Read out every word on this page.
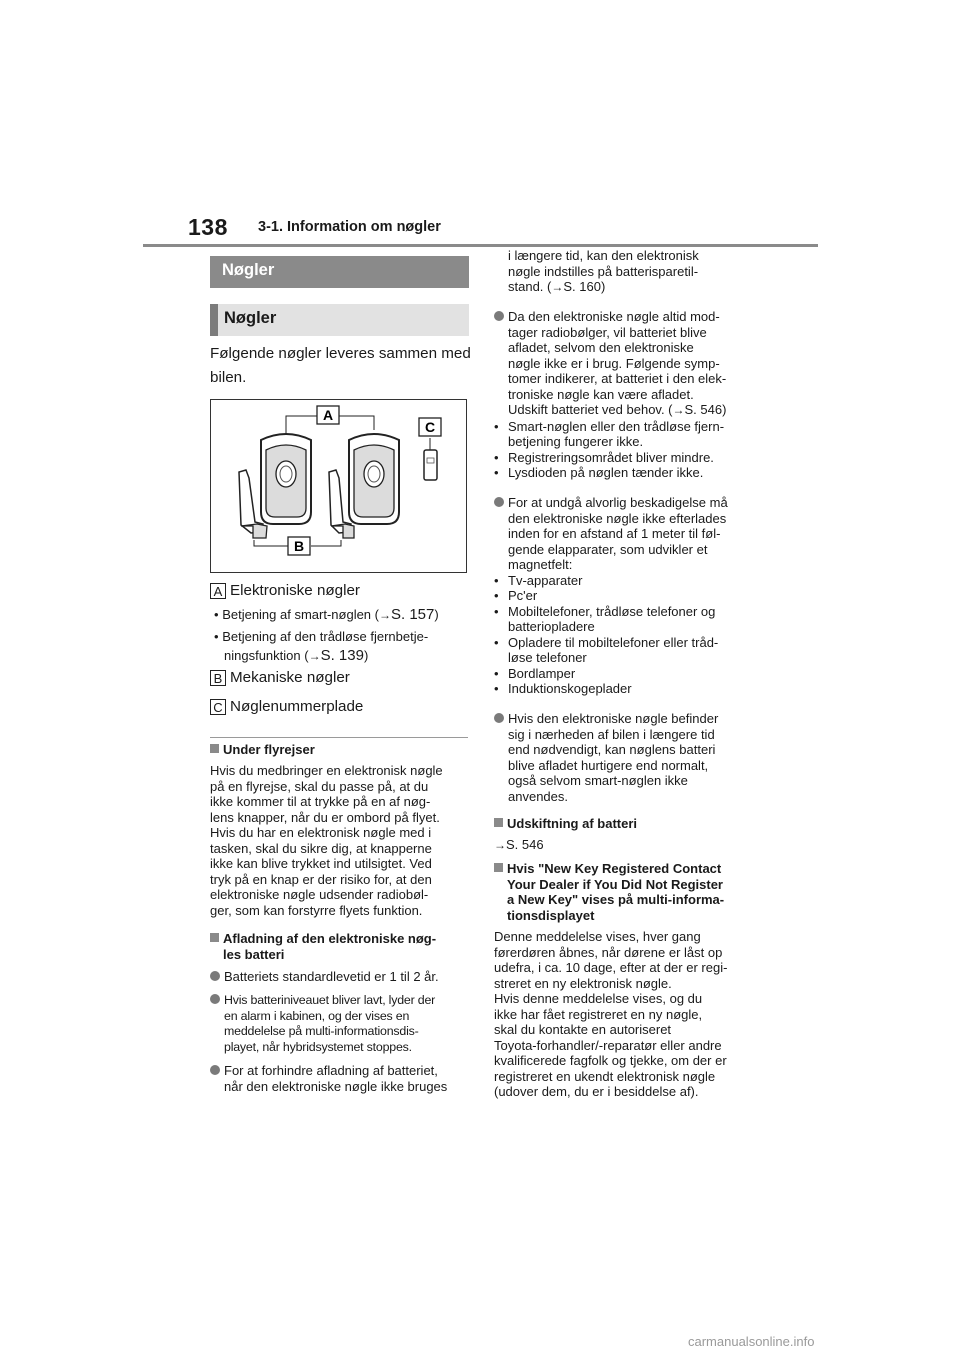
138 3-1. Information om nøgler
Nøgler
Nøgler
Følgende nøgler leveres sammen med bilen.
A
C
B
A Elektroniske nøgler
• Betjening af smart-nøglen (→S. 157)
• Betjening af den trådløse fjernbetje-
ningsfunktion (→S. 139)
B Mekaniske nøgler
C Nøglenummerplade
Under flyrejser
Hvis du medbringer en elektronisk nøgle
på en flyrejse, skal du passe på, at du
ikke kommer til at trykke på en af nøg-
lens knapper, når du er ombord på flyet.
Hvis du har en elektronisk nøgle med i
tasken, skal du sikre dig, at knapperne
ikke kan blive trykket ind utilsigtet. Ved
tryk på en knap er der risiko for, at den
elektroniske nøgle udsender radiobøl-
ger, som kan forstyrre flyets funktion.
Afladning af den elektroniske nøg-
les batteri
Batteriets standardlevetid er 1 til 2 år.
Hvis batteriniveauet bliver lavt, lyder der
en alarm i kabinen, og der vises en
meddelelse på multi-informationsdis-
playet, når hybridsystemet stoppes.
For at forhindre afladning af batteriet,
når den elektroniske nøgle ikke bruges
i længere tid, kan den elektronisk
nøgle indstilles på batterisparetil-
stand. (→S. 160)
Da den elektroniske nøgle altid mod-
tager radiobølger, vil batteriet blive
afladet, selvom den elektroniske
nøgle ikke er i brug. Følgende symp-
tomer indikerer, at batteriet i den elek-
troniske nøgle kan være afladet.
Udskift batteriet ved behov. (→S. 546)
• Smart-nøglen eller den trådløse fjern-
betjening fungerer ikke.
• Registreringsområdet bliver mindre.
• Lysdioden på nøglen tænder ikke.
For at undgå alvorlig beskadigelse må
den elektroniske nøgle ikke efterlades
inden for en afstand af 1 meter til føl-
gende elapparater, som udvikler et
magnetfelt:
• Tv-apparater
• Pc'er
• Mobiltelefoner, trådløse telefoner og
batteriopladere
• Opladere til mobiltelefoner eller tråd-
løse telefoner
• Bordlamper
• Induktionskogeplader
Hvis den elektroniske nøgle befinder
sig i nærheden af bilen i længere tid
end nødvendigt, kan nøglens batteri
blive afladet hurtigere end normalt,
også selvom smart-nøglen ikke
anvendes.
Udskiftning af batteri
→S. 546
Hvis "New Key Registered Contact
Your Dealer if You Did Not Register
a New Key" vises på multi-informa-
tionsdisplayet
Denne meddelelse vises, hver gang
førerdøren åbnes, når dørene er låst op
udefra, i ca. 10 dage, efter at der er regi-
streret en ny elektronisk nøgle.
Hvis denne meddelelse vises, og du
ikke har fået registreret en ny nøgle,
skal du kontakte en autoriseret
Toyota-forhandler/-reparatør eller andre
kvalificerede fagfolk og tjekke, om der er
registreret en ukendt elektronisk nøgle
(udover dem, du er i besiddelse af).
carmanualsonline.info
